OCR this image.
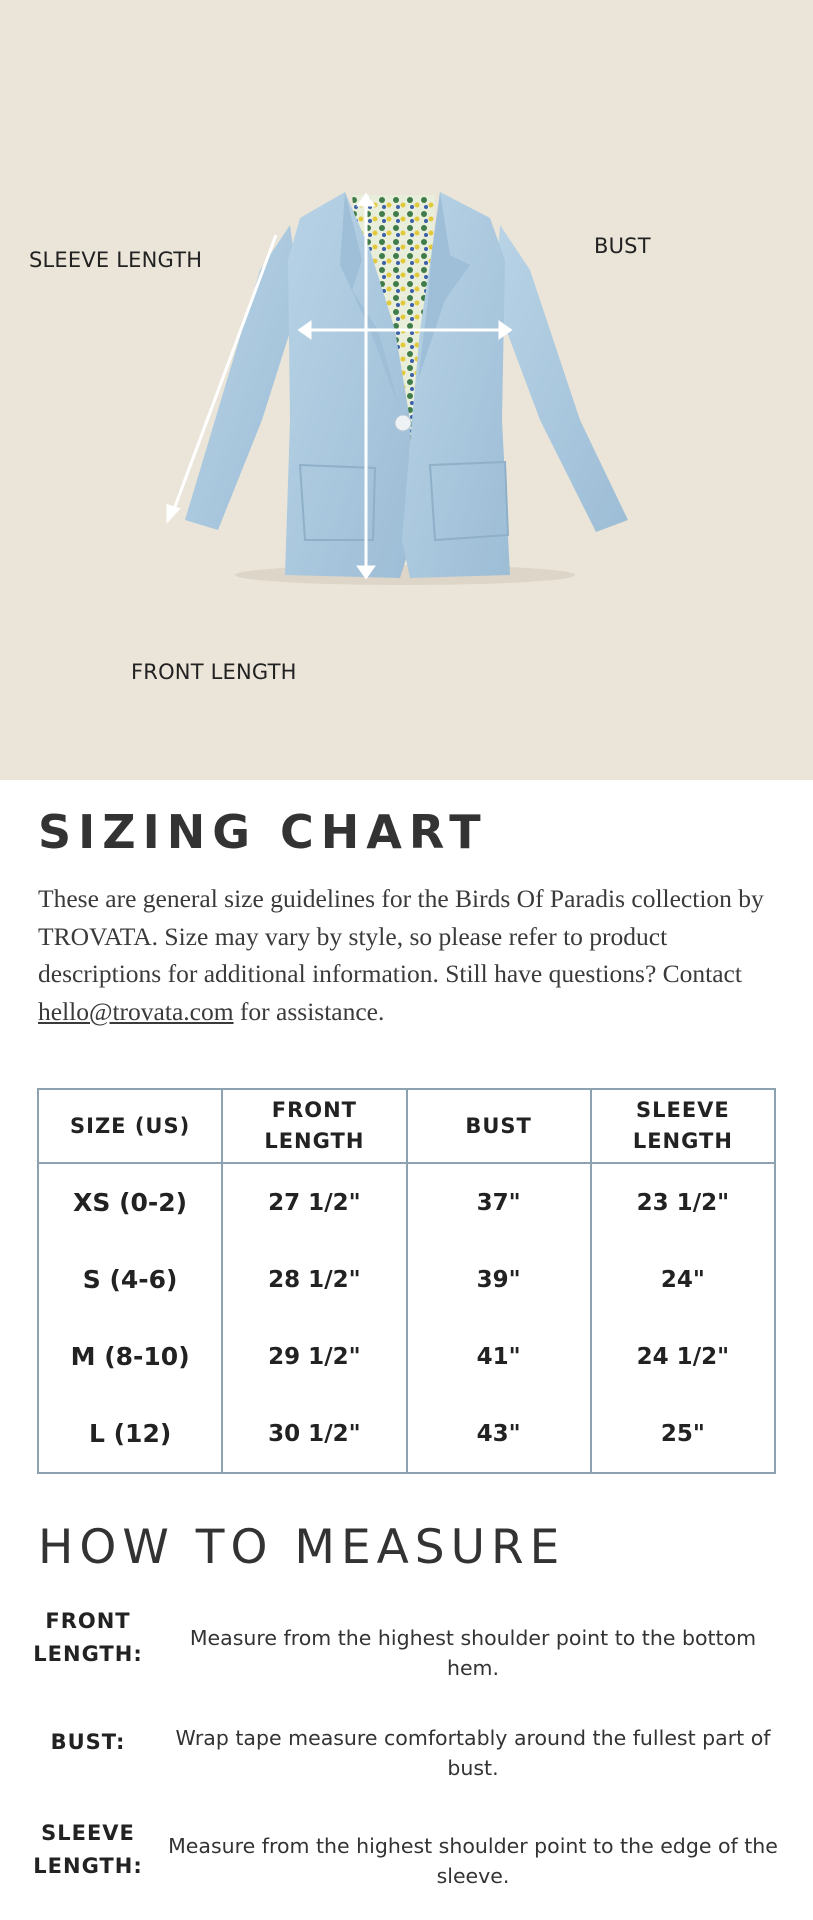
SLEEVE LENGTH
BUST
FRONT LENGTH
SIZING CHART

These are general size guidelines for the Birds Of Paradis collection by TROVATA. Size may vary by style, so please refer to product descriptions for additional information. Still have questions? Contact hello@trovata.com for assistance.

SIZE (US)	FRONT LENGTH	BUST	SLEEVE LENGTH
XS (0-2)	27 1/2"	37"	23 1/2"
S (4-6)	28 1/2"	39"	24"
M (8-10)	29 1/2"	41"	24 1/2"
L (12)	30 1/2"	43"	25"
HOW TO MEASURE
FRONT LENGTH:
Measure from the highest shoulder point to the bottom hem.
BUST:	Wrap tape measure comfortably around the fullest part of bust.
SLEEVE LENGTH:
Measure from the highest shoulder point to the edge of the sleeve.
